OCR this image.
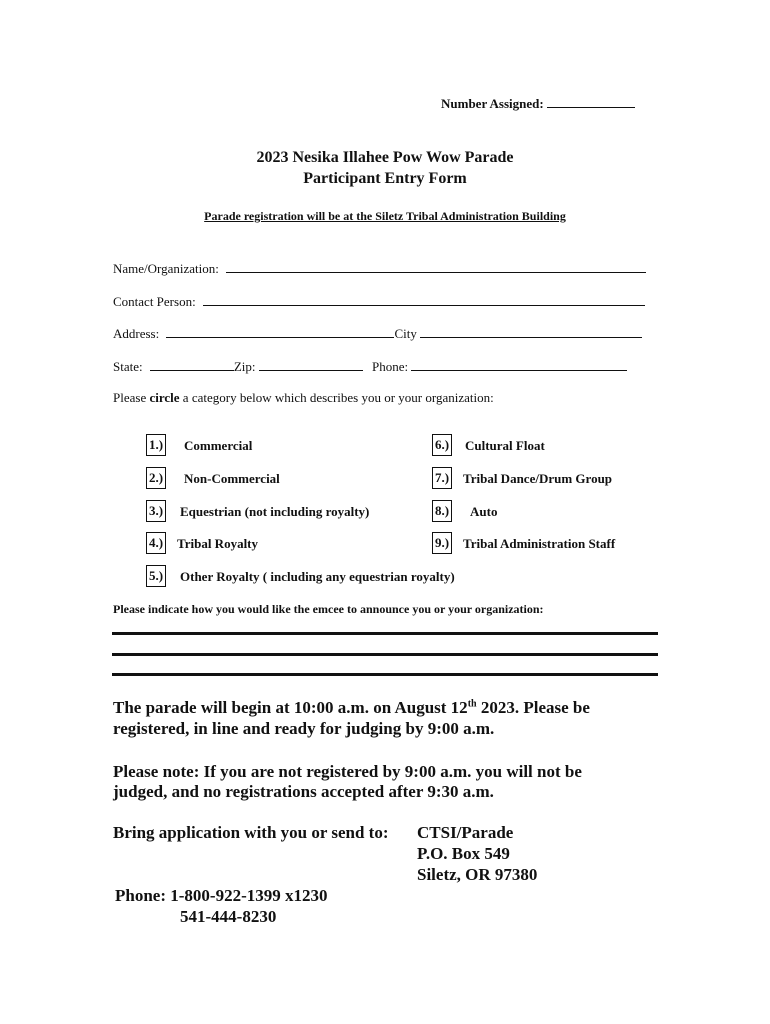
Number Assigned:
2023 Nesika Illahee Pow Wow Parade
Participant Entry Form
Parade registration will be at the Siletz Tribal Administration Building
Name/Organization:
Contact Person:
Address:	City
State:	Zip:	Phone:
Please circle a category below which describes you or your organization:
1.) Commercial
2.) Non-Commercial
3.) Equestrian (not including royalty)
4.) Tribal Royalty
5.) Other Royalty ( including any equestrian royalty)
6.) Cultural Float
7.) Tribal Dance/Drum Group
8.) Auto
9.) Tribal Administration Staff
Please indicate how you would like the emcee to announce you or your organization:
The parade will begin at 10:00 a.m. on August 12th 2023. Please be
registered, in line and ready for judging by 9:00 a.m.
Please note: If you are not registered by 9:00 a.m. you will not be
judged, and no registrations accepted after 9:30 a.m.
Bring application with you or send to: CTSI/Parade
P.O. Box 549
Siletz, OR 97380
Phone: 1-800-922-1399 x1230
541-444-8230
